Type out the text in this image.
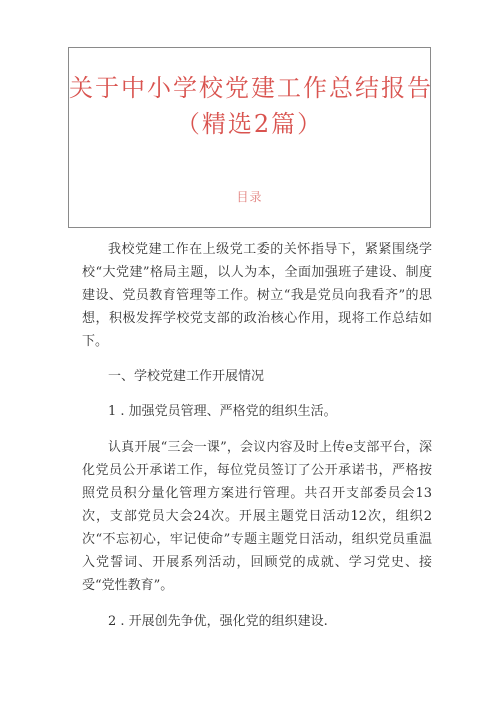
关于中小学校党建工作总结报告
（精选2篇）
目录

我校党建工作在上级党工委的关怀指导下，紧紧围绕学校“大党建”格局主题，以人为本，全面加强班子建设、制度建设、党员教育管理等工作。树立“我是党员向我看齐”的思想，积极发挥学校党支部的政治核心作用，现将工作总结如下。

一、学校党建工作开展情况

1 . 加强党员管理、严格党的组织生活。

认真开展“三会一课”，会议内容及时上传e支部平台，深化党员公开承诺工作，每位党员签订了公开承诺书，严格按照党员积分量化管理方案进行管理。共召开支部委员会13次，支部党员大会24次。开展主题党日活动12次，组织2次“不忘初心，牢记使命”专题主题党日活动，组织党员重温入党誓词、开展系列活动，回顾党的成就、学习党史、接受“党性教育”。

2 . 开展创先争优，强化党的组织建设.
